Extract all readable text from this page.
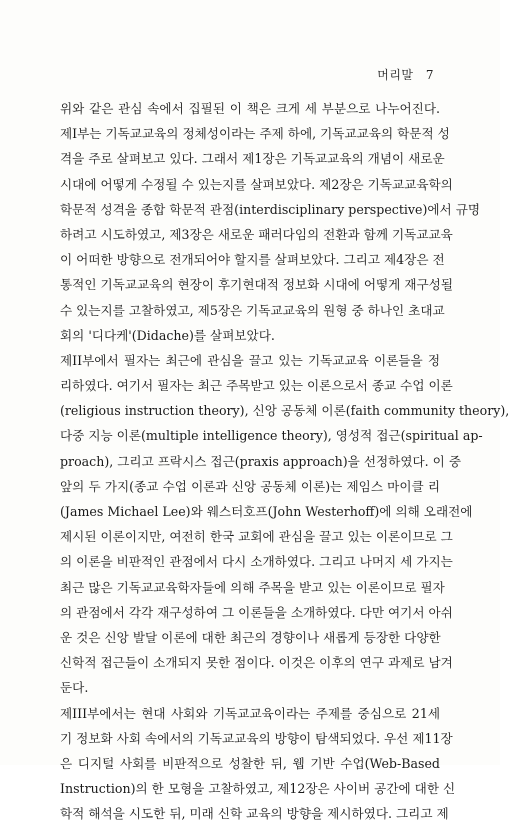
머리말 7
위와 같은 관심 속에서 집필된 이 책은 크게 세 부분으로 나누어진다.
제I부는 기독교교육의 정체성이라는 주제 하에, 기독교교육의 학문적 성
격을 주로 살펴보고 있다. 그래서 제1장은 기독교교육의 개념이 새로운
시대에 어떻게 수정될 수 있는지를 살펴보았다. 제2장은 기독교교육학의
학문적 성격을 종합 학문적 관점(interdisciplinary perspective)에서 규명
하려고 시도하였고, 제3장은 새로운 패러다임의 전환과 함께 기독교교육
이 어떠한 방향으로 전개되어야 할지를 살펴보았다. 그리고 제4장은 전
통적인 기독교교육의 현장이 후기현대적 정보화 시대에 어떻게 재구성될
수 있는지를 고찰하였고, 제5장은 기독교교육의 원형 중 하나인 초대교
회의 '디다케'(Didache)를 살펴보았다.
제II부에서 필자는 최근에 관심을 끌고 있는 기독교교육 이론들을 정
리하였다. 여기서 필자는 최근 주목받고 있는 이론으로서 종교 수업 이론
(religious instruction theory), 신앙 공동체 이론(faith community theory),
다중 지능 이론(multiple intelligence theory), 영성적 접근(spiritual ap-
proach), 그리고 프락시스 접근(praxis approach)을 선정하였다. 이 중
앞의 두 가지(종교 수업 이론과 신앙 공동체 이론)는 제임스 마이클 리
(James Michael Lee)와 웨스터호프(John Westerhoff)에 의해 오래전에
제시된 이론이지만, 여전히 한국 교회에 관심을 끌고 있는 이론이므로 그
의 이론을 비판적인 관점에서 다시 소개하였다. 그리고 나머지 세 가지는
최근 많은 기독교교육학자들에 의해 주목을 받고 있는 이론이므로 필자
의 관점에서 각각 재구성하여 그 이론들을 소개하였다. 다만 여기서 아쉬
운 것은 신앙 발달 이론에 대한 최근의 경향이나 새롭게 등장한 다양한
신학적 접근들이 소개되지 못한 점이다. 이것은 이후의 연구 과제로 남겨
둔다.
제III부에서는 현대 사회와 기독교교육이라는 주제를 중심으로 21세
기 정보화 사회 속에서의 기독교교육의 방향이 탐색되었다. 우선 제11장
은 디지털 사회를 비판적으로 성찰한 뒤, 웹 기반 수업(Web-Based
Instruction)의 한 모형을 고찰하였고, 제12장은 사이버 공간에 대한 신
학적 해석을 시도한 뒤, 미래 신학 교육의 방향을 제시하였다. 그리고 제
